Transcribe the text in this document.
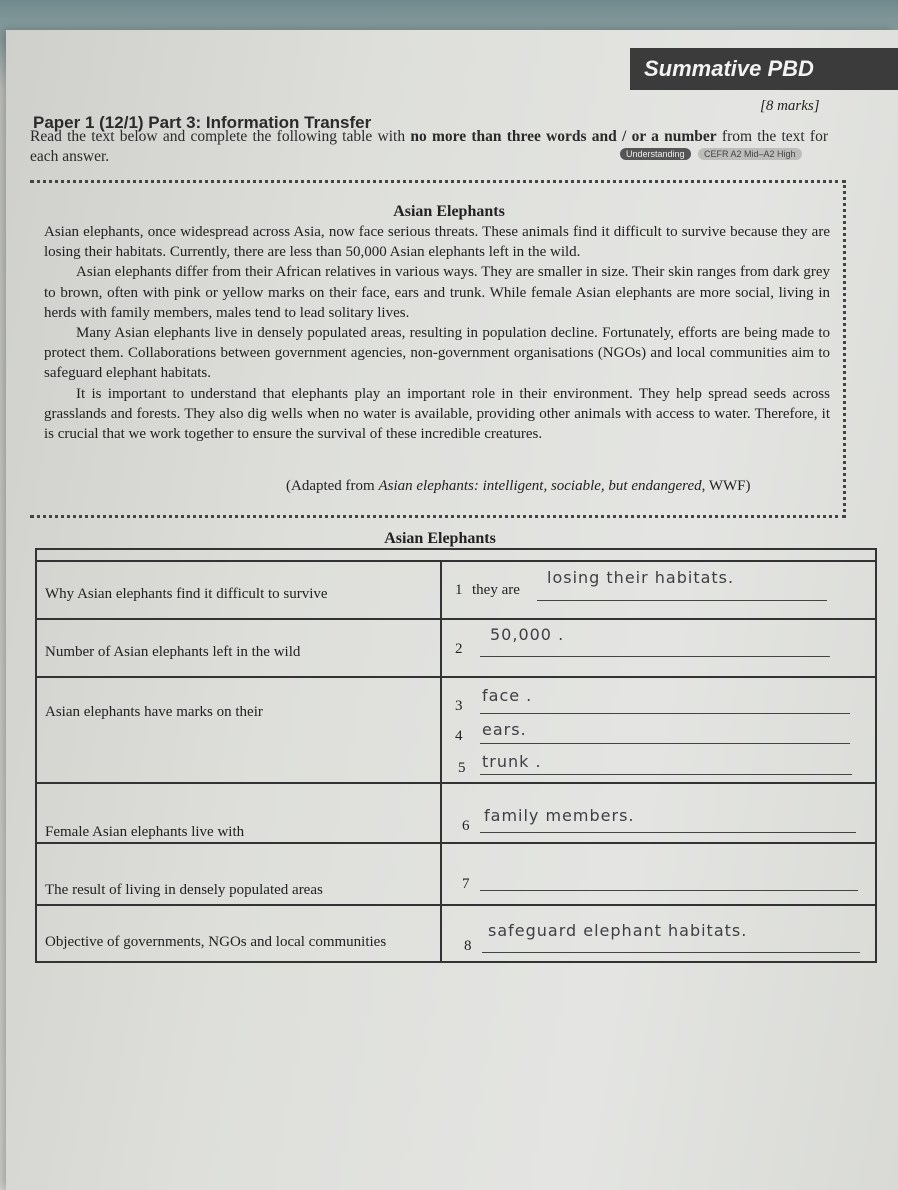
Summative PBD
[8 marks]
Paper 1 (12/1) Part 3: Information Transfer
Read the text below and complete the following table with no more than three words and / or a number from the text for each answer.	Understanding	CEFR A2 Mid–A2 High
Asian Elephants

Asian elephants, once widespread across Asia, now face serious threats. These animals find it difficult to survive because they are losing their habitats. Currently, there are less than 50,000 Asian elephants left in the wild.

Asian elephants differ from their African relatives in various ways. They are smaller in size. Their skin ranges from dark grey to brown, often with pink or yellow marks on their face, ears and trunk. While female Asian elephants are more social, living in herds with family members, males tend to lead solitary lives.

Many Asian elephants live in densely populated areas, resulting in population decline. Fortunately, efforts are being made to protect them. Collaborations between government agencies, non-government organisations (NGOs) and local communities aim to safeguard elephant habitats.

It is important to understand that elephants play an important role in their environment. They help spread seeds across grasslands and forests. They also dig wells when no water is available, providing other animals with access to water. Therefore, it is crucial that we work together to ensure the survival of these incredible creatures.

(Adapted from Asian elephants: intelligent, sociable, but endangered, WWF)
Asian Elephants
Why Asian elephants find it difficult to survive
Number of Asian elephants left in the wild
Asian elephants have marks on their
Female Asian elephants live with
The result of living in densely populated areas
Objective of governments, NGOs and local communities
1 they are
losing their habitats.
2
50,000 .
3
face .
4 ears.
5 trunk .
6
family members.
7
8
safeguard elephant habitats.
